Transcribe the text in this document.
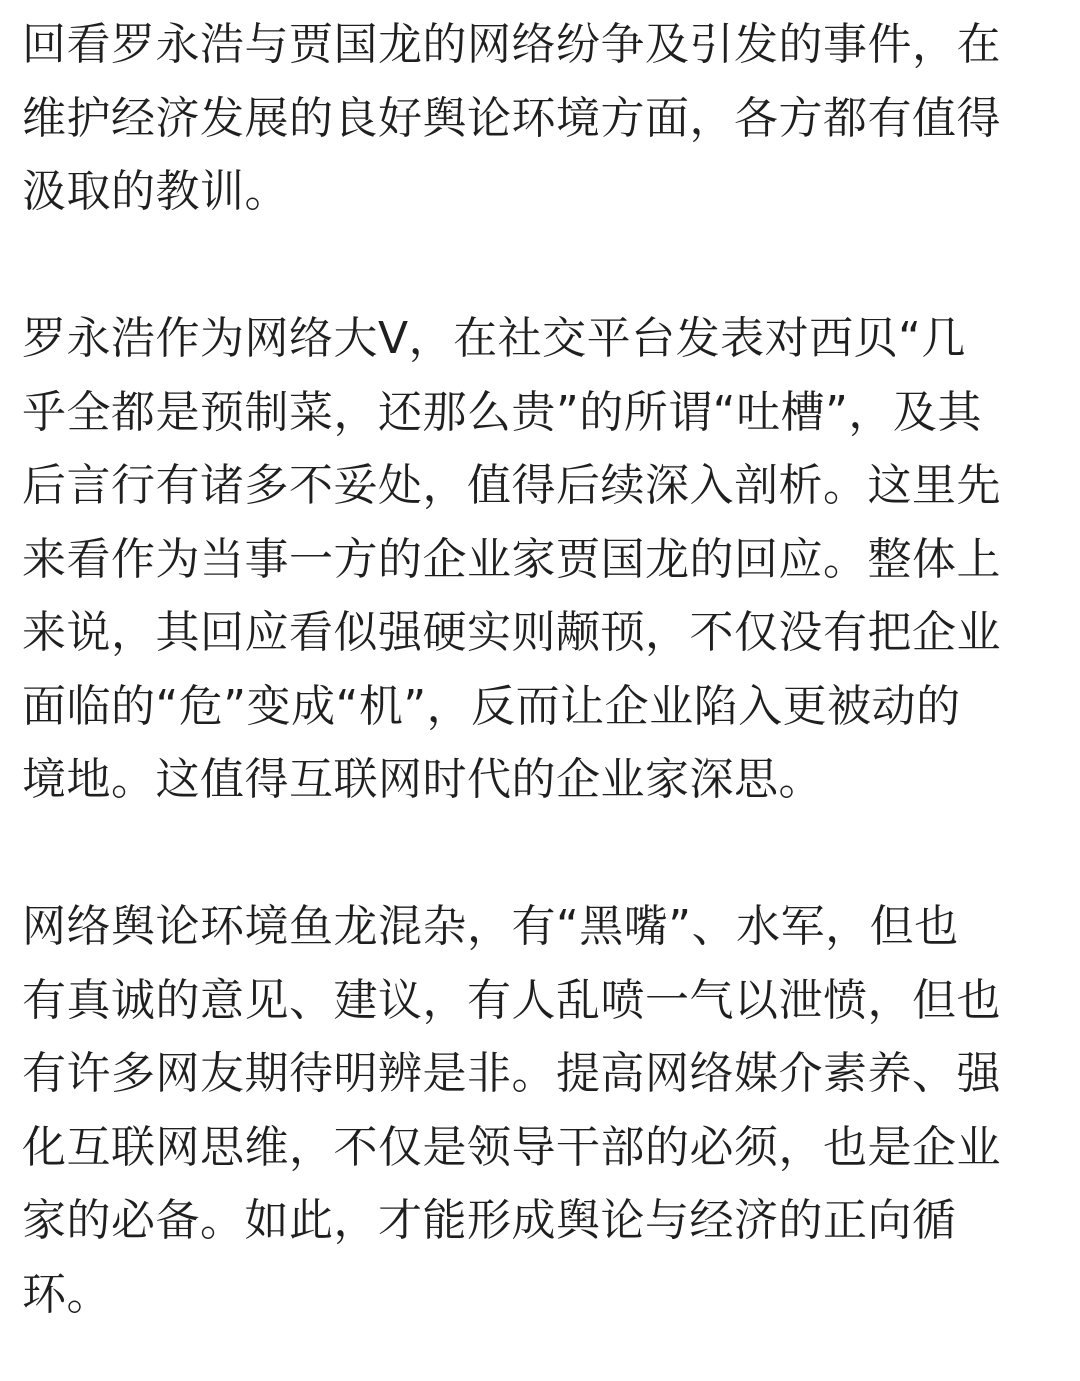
回看罗永浩与贾国龙的网络纷争及引发的事件，在
维护经济发展的良好舆论环境方面，各方都有值得
汲取的教训。
罗永浩作为网络大V，在社交平台发表对西贝“几
乎全都是预制菜，还那么贵”的所谓“吐槽”，及其
后言行有诸多不妥处，值得后续深入剖析。这里先
来看作为当事一方的企业家贾国龙的回应。整体上
来说，其回应看似强硬实则颟顸，不仅没有把企业
面临的“危”变成“机”，反而让企业陷入更被动的
境地。这值得互联网时代的企业家深思。
网络舆论环境鱼龙混杂，有“黑嘴”、水军，但也
有真诚的意见、建议，有人乱喷一气以泄愤，但也
有许多网友期待明辨是非。提高网络媒介素养、强
化互联网思维，不仅是领导干部的必须，也是企业
家的必备。如此，才能形成舆论与经济的正向循
环。
